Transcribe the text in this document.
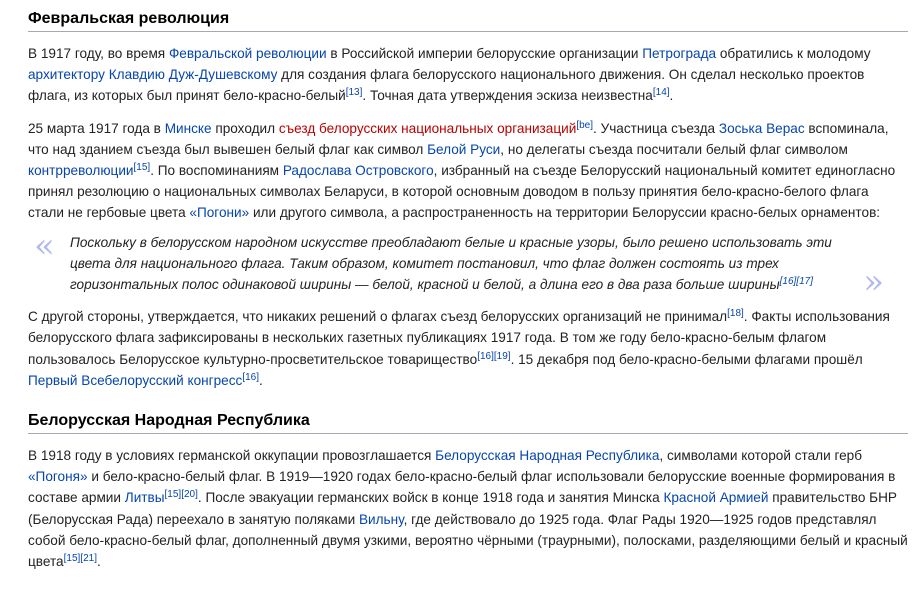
Февральская революция

В 1917 году, во время Февральской революции в Российской империи белорусские организации Петрограда обратились к молодому архитектору Клавдию Дуж-Душевскому для создания флага белорусского национального движения. Он сделал несколько проектов флага, из которых был принят бело-красно-белый[13]. Точная дата утверждения эскиза неизвестна[14].

25 марта 1917 года в Минске проходил съезд белорусских национальных организаций[be]. Участница съезда Зоська Верас вспоминала, что над зданием съезда был вывешен белый флаг как символ Белой Руси, но делегаты съезда посчитали белый флаг символом контрреволюции[15]. По воспоминаниям Радослава Островского, избранный на съезде Белорусский национальный комитет единогласно принял резолюцию о национальных символах Беларуси, в которой основным доводом в пользу принятия бело-красно-белого флага стали не гербовые цвета «Погони» или другого символа, а распространенность на территории Белоруссии красно-белых орнаментов:

« Поскольку в белорусском народном искусстве преобладают белые и красные узоры, было решено использовать эти цвета для национального флага. Таким образом, комитет постановил, что флаг должен состоять из трех горизонтальных полос одинаковой ширины — белой, красной и белой, а длина его в два раза больше ширины[16][17] »

С другой стороны, утверждается, что никаких решений о флагах съезд белорусских организаций не принимал[18]. Факты использования белорусского флага зафиксированы в нескольких газетных публикациях 1917 года. В том же году бело-красно-белым флагом пользовалось Белорусское культурно-просветительское товарищество[16][19]. 15 декабря под бело-красно-белыми флагами прошёл Первый Всебелорусский конгресс[16].

Белорусская Народная Республика

В 1918 году в условиях германской оккупации провозглашается Белорусская Народная Республика, символами которой стали герб «Погоня» и бело-красно-белый флаг. В 1919—1920 годах бело-красно-белый флаг использовали белорусские военные формирования в составе армии Литвы[15][20]. После эвакуации германских войск в конце 1918 года и занятия Минска Красной Армией правительство БНР (Белорусская Рада) переехало в занятую поляками Вильну, где действовало до 1925 года. Флаг Рады 1920—1925 годов представлял собой бело-красно-белый флаг, дополненный двумя узкими, вероятно чёрными (траурными), полосками, разделяющими белый и красный цвета[15][21].
